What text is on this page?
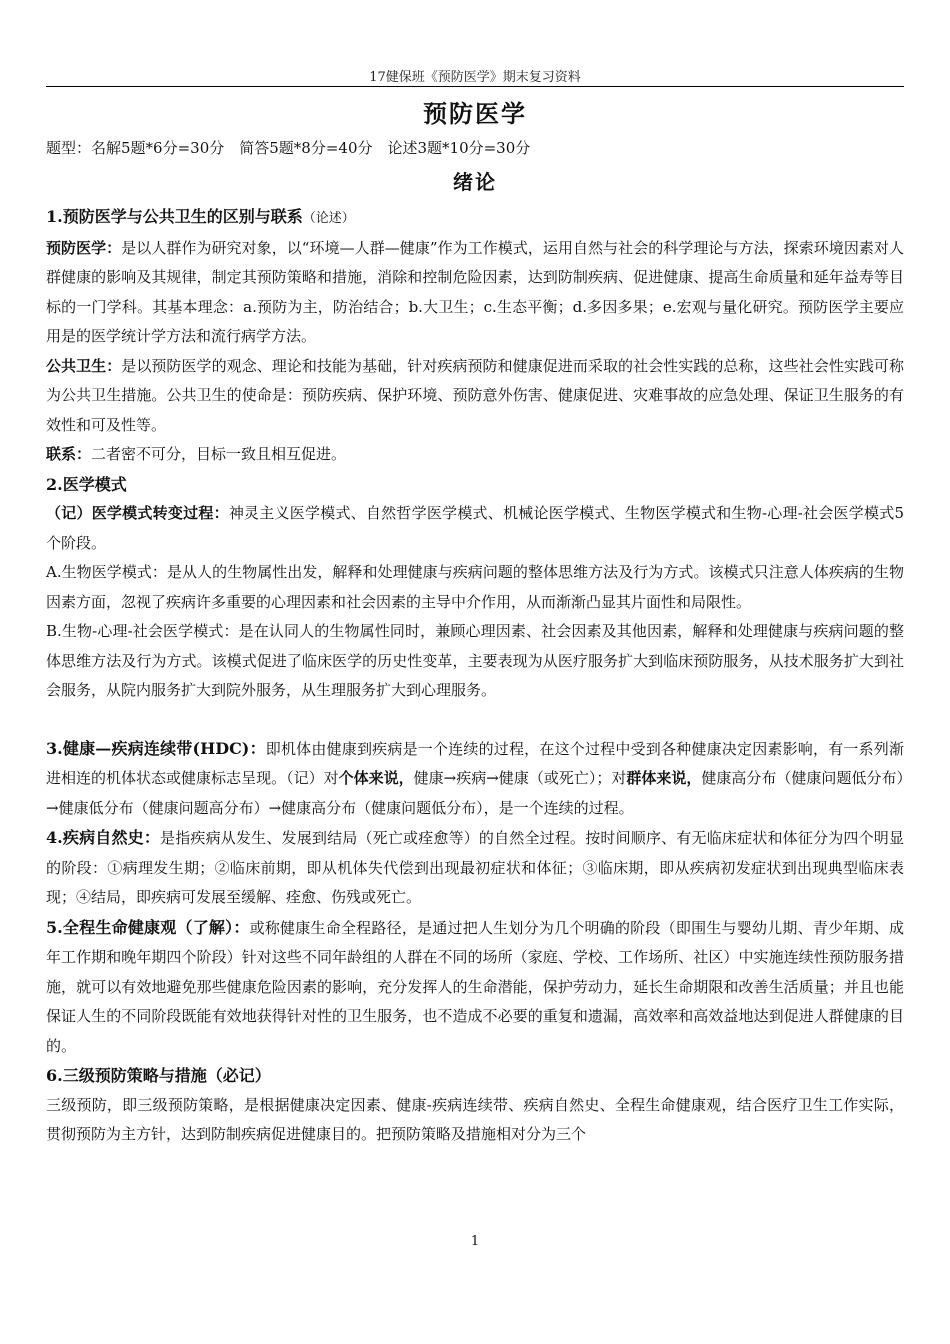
17健保班《预防医学》期末复习资料
预防医学
题型：名解5题*6分=30分　简答5题*8分=40分　论述3题*10分=30分
绪论

1.预防医学与公共卫生的区别与联系（论述）

预防医学：是以人群作为研究对象，以“环境—人群—健康”作为工作模式，运用自然与社会的科学理论与方法，探索环境因素对人群健康的影响及其规律，制定其预防策略和措施，消除和控制危险因素，达到防制疾病、促进健康、提高生命质量和延年益寿等目标的一门学科。其基本理念：a.预防为主，防治结合；b.大卫生；c.生态平衡；d.多因多果；e.宏观与量化研究。预防医学主要应用是的医学统计学方法和流行病学方法。

公共卫生：是以预防医学的观念、理论和技能为基础，针对疾病预防和健康促进而采取的社会性实践的总称，这些社会性实践可称为公共卫生措施。公共卫生的使命是：预防疾病、保护环境、预防意外伤害、健康促进、灾难事故的应急处理、保证卫生服务的有效性和可及性等。

联系：二者密不可分，目标一致且相互促进。

2.医学模式

（记）医学模式转变过程：神灵主义医学模式、自然哲学医学模式、机械论医学模式、生物医学模式和生物-心理-社会医学模式5个阶段。

A.生物医学模式：是从人的生物属性出发，解释和处理健康与疾病问题的整体思维方法及行为方式。该模式只注意人体疾病的生物因素方面，忽视了疾病许多重要的心理因素和社会因素的主导中介作用，从而渐渐凸显其片面性和局限性。

B.生物-心理-社会医学模式：是在认同人的生物属性同时，兼顾心理因素、社会因素及其他因素，解释和处理健康与疾病问题的整体思维方法及行为方式。该模式促进了临床医学的历史性变革，主要表现为从医疗服务扩大到临床预防服务，从技术服务扩大到社会服务，从院内服务扩大到院外服务，从生理服务扩大到心理服务。

3.健康—疾病连续带(HDC)：即机体由健康到疾病是一个连续的过程，在这个过程中受到各种健康决定因素影响，有一系列渐进相连的机体状态或健康标志呈现。（记）对个体来说，健康→疾病→健康（或死亡）；对群体来说，健康高分布（健康问题低分布）→健康低分布（健康问题高分布）→健康高分布（健康问题低分布），是一个连续的过程。

4.疾病自然史：是指疾病从发生、发展到结局（死亡或痊愈等）的自然全过程。按时间顺序、有无临床症状和体征分为四个明显的阶段：①病理发生期；②临床前期，即从机体失代偿到出现最初症状和体征；③临床期，即从疾病初发症状到出现典型临床表现；④结局，即疾病可发展至缓解、痊愈、伤残或死亡。

5.全程生命健康观（了解）：或称健康生命全程路径，是通过把人生划分为几个明确的阶段（即围生与婴幼儿期、青少年期、成年工作期和晚年期四个阶段）针对这些不同年龄组的人群在不同的场所（家庭、学校、工作场所、社区）中实施连续性预防服务措施，就可以有效地避免那些健康危险因素的影响，充分发挥人的生命潜能，保护劳动力，延长生命期限和改善生活质量；并且也能保证人生的不同阶段既能有效地获得针对性的卫生服务，也不造成不必要的重复和遗漏，高效率和高效益地达到促进人群健康的目的。

6.三级预防策略与措施（必记）

三级预防，即三级预防策略，是根据健康决定因素、健康-疾病连续带、疾病自然史、全程生命健康观，结合医疗卫生工作实际，贯彻预防为主方针，达到防制疾病促进健康目的。把预防策略及措施相对分为三个

1
